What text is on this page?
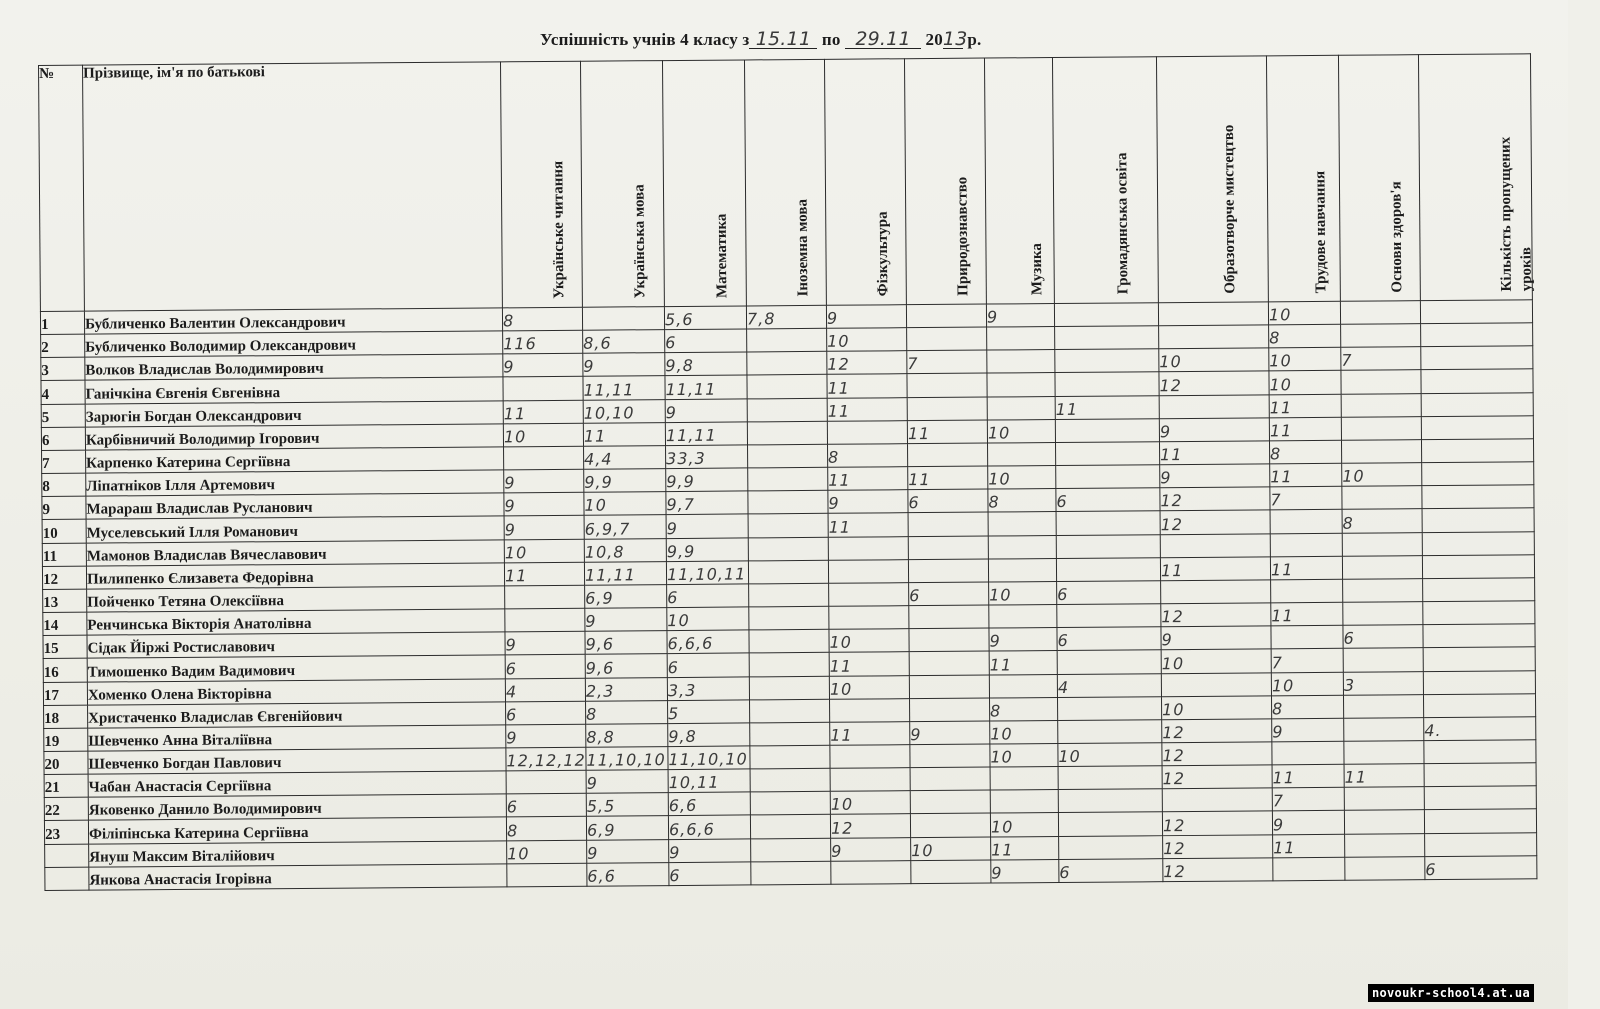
Успішність учнів 4 класу з 15.11 по 29.11 2013 р.
№	Прізвище, ім'я по батькові	Українське читання	Українська мова	Математика	Іноземна мова	Фізкультура	Природознавство	Музика	Громадянська освіта	Образотворче мистецтво	Трудове навчання	Основи здоров'я	Кількість пропущених уроків

1	Бубличенко Валентин Олександрович	8		5,6	7,8	9		9			10		
2	Бубличенко Володимир Олександрович	116	8,6	6		10					8		
3	Волков Владислав Володимирович	9	9	9,8		12	7			10	10	7	
4	Ганічкіна Євгенія Євгенівна		11,11	11,11		11				12	10		
5	Зарюгін Богдан Олександрович	11	10,10	9		11			11		11		
6	Карбівничий Володимир Ігорович	10	11	11,11			11	10		9	11		
7	Карпенко Катерина Сергіївна		4,4	33,3		8				11	8		
8	Ліпатніков Ілля Артемович	9	9,9	9,9		11	11	10		9	11	10	
9	Марараш Владислав Русланович	9	10	9,7		9	6	8	6	12	7		
10	Муселевський Ілля Романович	9	6,9,7	9		11				12		8	
11	Мамонов Владислав Вячеславович	10	10,8	9,9									
12	Пилипенко Єлизавета Федорівна	11	11,11	11,10,11						11	11		
13	Пойченко Тетяна Олексіївна		6,9	6			6	10	6				
14	Ренчинська Вікторія Анатолівна		9	10						12	11		
15	Сідак Йіржі Ростиславович	9	9,6	6,6,6		10		9	6	9		6	
16	Тимошенко Вадим Вадимович	6	9,6	6		11		11		10	7		
17	Хоменко Олена Вікторівна	4	2,3	3,3		10			4		10	3	
18	Христаченко Владислав Євгенійович	6	8	5				8		10	8		
19	Шевченко Анна Віталіївна	9	8,8	9,8		11	9	10		12	9		4.
20	Шевченко Богдан Павлович	12,12,12	11,10,10	11,10,10				10	10	12			
21	Чабан Анастасія Сергіївна		9	10,11						12	11	11	
22	Яковенко Данило Володимирович	6	5,5	6,6		10					7		
23	Філіпінська Катерина Сергіївна	8	6,9	6,6,6		12		10		12	9		
	Януш Максим Віталійович	10	9	9		9	10	11		12	11		
	Янкова Анастасія Ігорівна		6,6	6				9	6	12			6
novoukr-school4.at.ua
